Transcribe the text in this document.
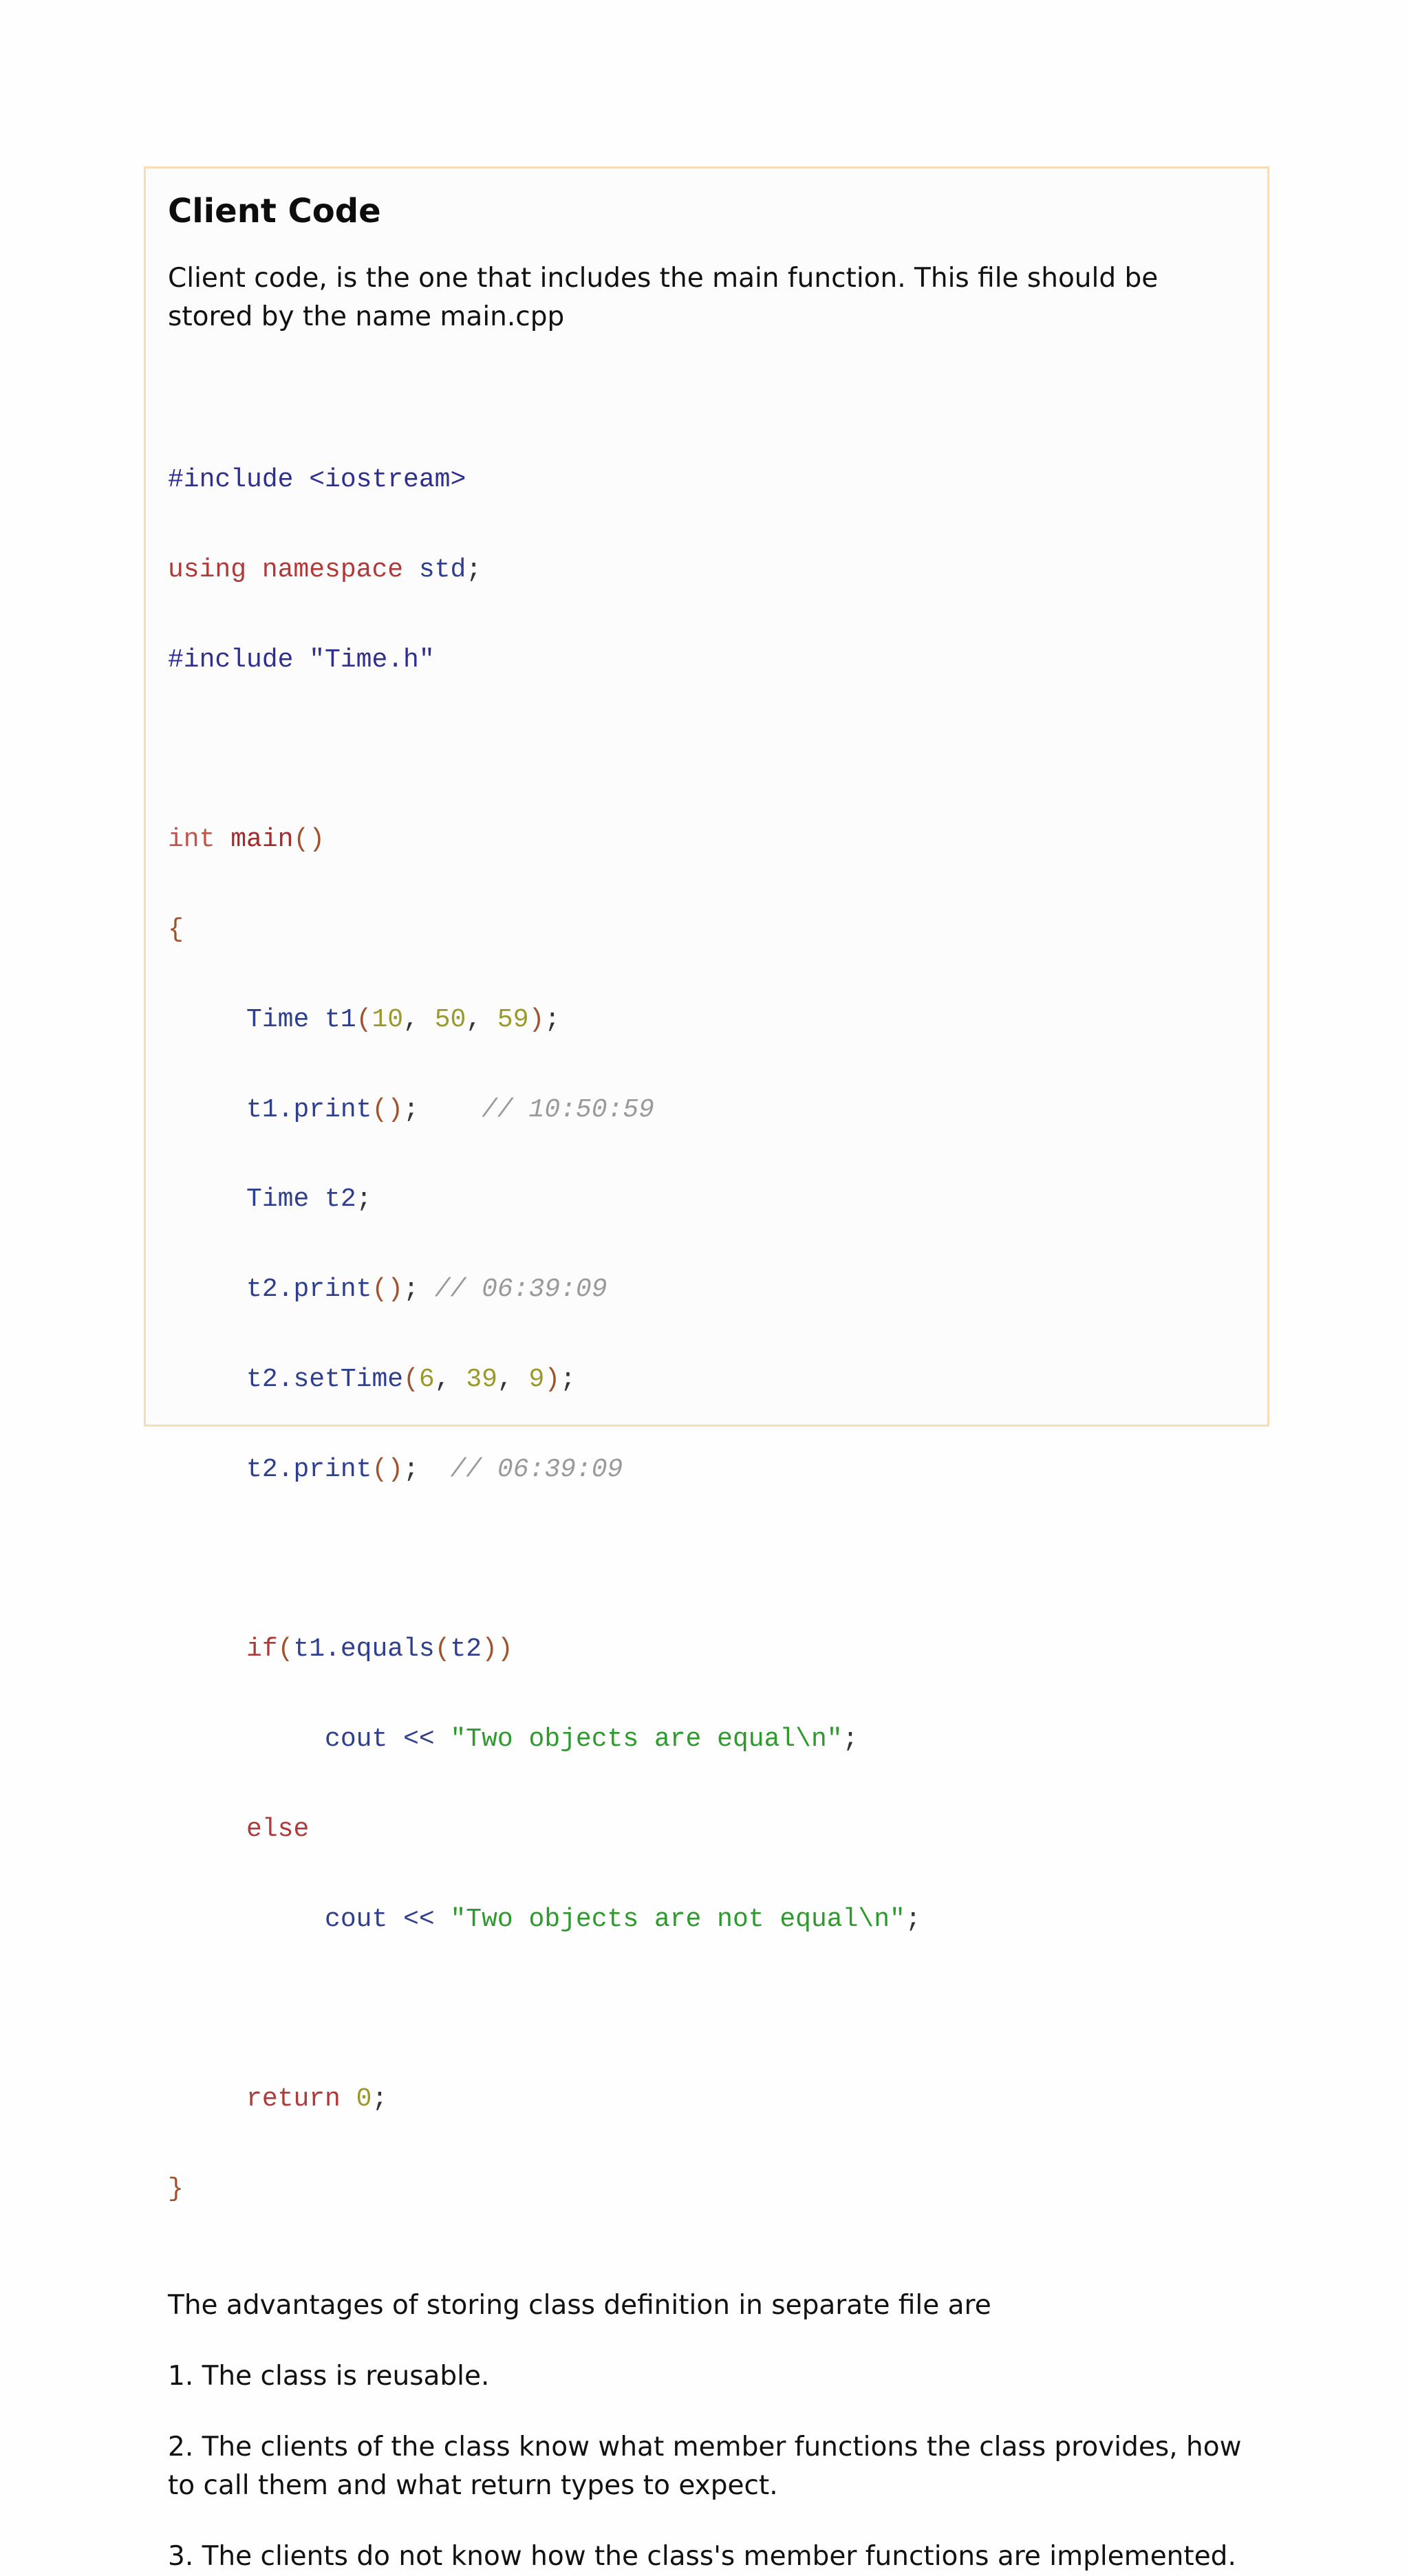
Client Code

Client code, is the one that includes the main function. This file should be stored by the name main.cpp

#include <iostream>

using namespace std;

#include "Time.h"

int main()

{

Time t1(10, 50, 59);

t1.print(); // 10:50:59

Time t2;

t2.print(); // 06:39:09

t2.setTime(6, 39, 9);

t2.print(); // 06:39:09

if(t1.equals(t2))

cout << "Two objects are equal\n";

else

cout << "Two objects are not equal\n";

return 0;

}

The advantages of storing class definition in separate file are

1. The class is reusable.

2. The clients of the class know what member functions the class provides, how to call them and what return types to expect.

3. The clients do not know how the class's member functions are implemented.
